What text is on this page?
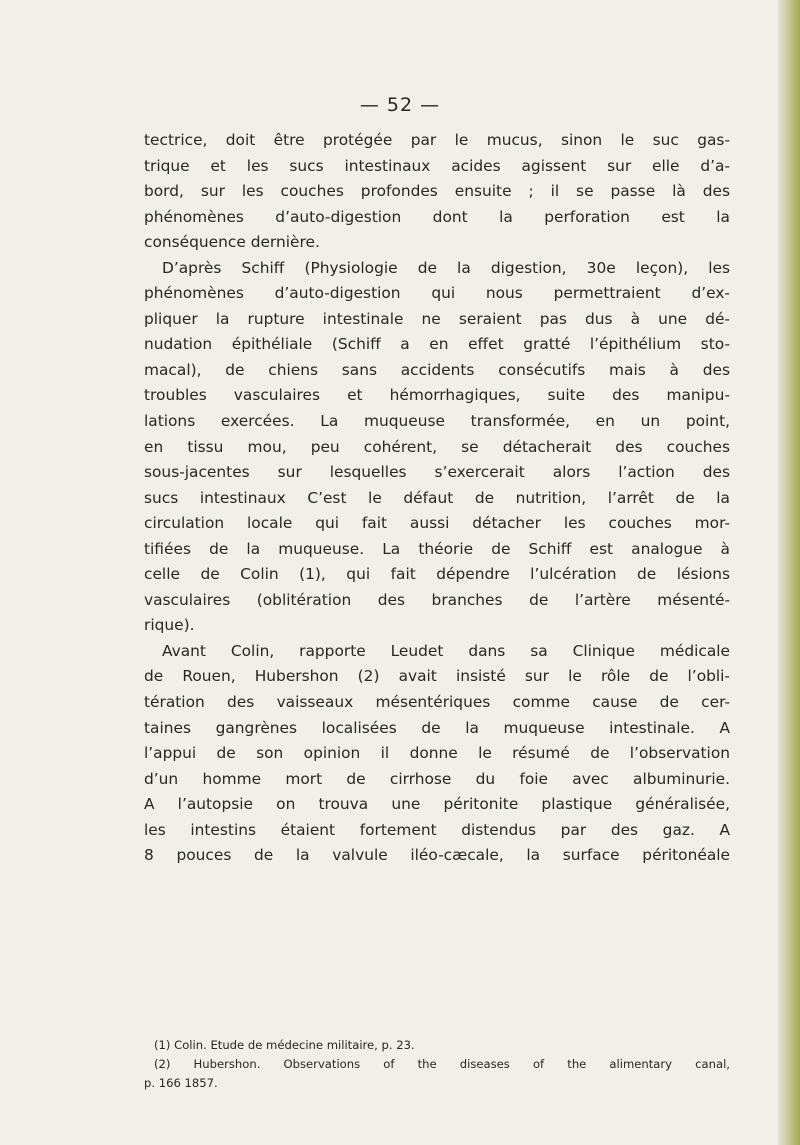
— 52 —
tectrice, doit être protégée par le mucus, sinon le suc gas-
trique et les sucs intestinaux acides agissent sur elle d’a-
bord, sur les couches profondes ensuite ; il se passe là des
phénomènes d’auto-digestion dont la perforation est la
conséquence dernière.
D’après Schiff (Physiologie de la digestion, 30e leçon), les
phénomènes d’auto-digestion qui nous permettraient d’ex-
pliquer la rupture intestinale ne seraient pas dus à une dé-
nudation épithéliale (Schiff a en effet gratté l’épithélium sto-
macal), de chiens sans accidents consécutifs mais à des
troubles vasculaires et hémorrhagiques, suite des manipu-
lations exercées. La muqueuse transformée, en un point,
en tissu mou, peu cohérent, se détacherait des couches
sous-jacentes sur lesquelles s’exercerait alors l’action des
sucs intestinaux C’est le défaut de nutrition, l’arrêt de la
circulation locale qui fait aussi détacher les couches mor-
tifiées de la muqueuse. La théorie de Schiff est analogue à
celle de Colin (1), qui fait dépendre l’ulcération de lésions
vasculaires (oblitération des branches de l’artère mésenté-
rique).
Avant Colin, rapporte Leudet dans sa Clinique médicale
de Rouen, Hubershon (2) avait insisté sur le rôle de l’obli-
tération des vaisseaux mésentériques comme cause de cer-
taines gangrènes localisées de la muqueuse intestinale. A
l’appui de son opinion il donne le résumé de l’observation
d’un homme mort de cirrhose du foie avec albuminurie.
A l’autopsie on trouva une péritonite plastique généralisée,
les intestins étaient fortement distendus par des gaz. A
8 pouces de la valvule iléo-cæcale, la surface péritonéale
(1) Colin. Etude de médecine militaire, p. 23.
(2) Hubershon. Observations of the diseases of the alimentary canal,
p. 166 1857.
